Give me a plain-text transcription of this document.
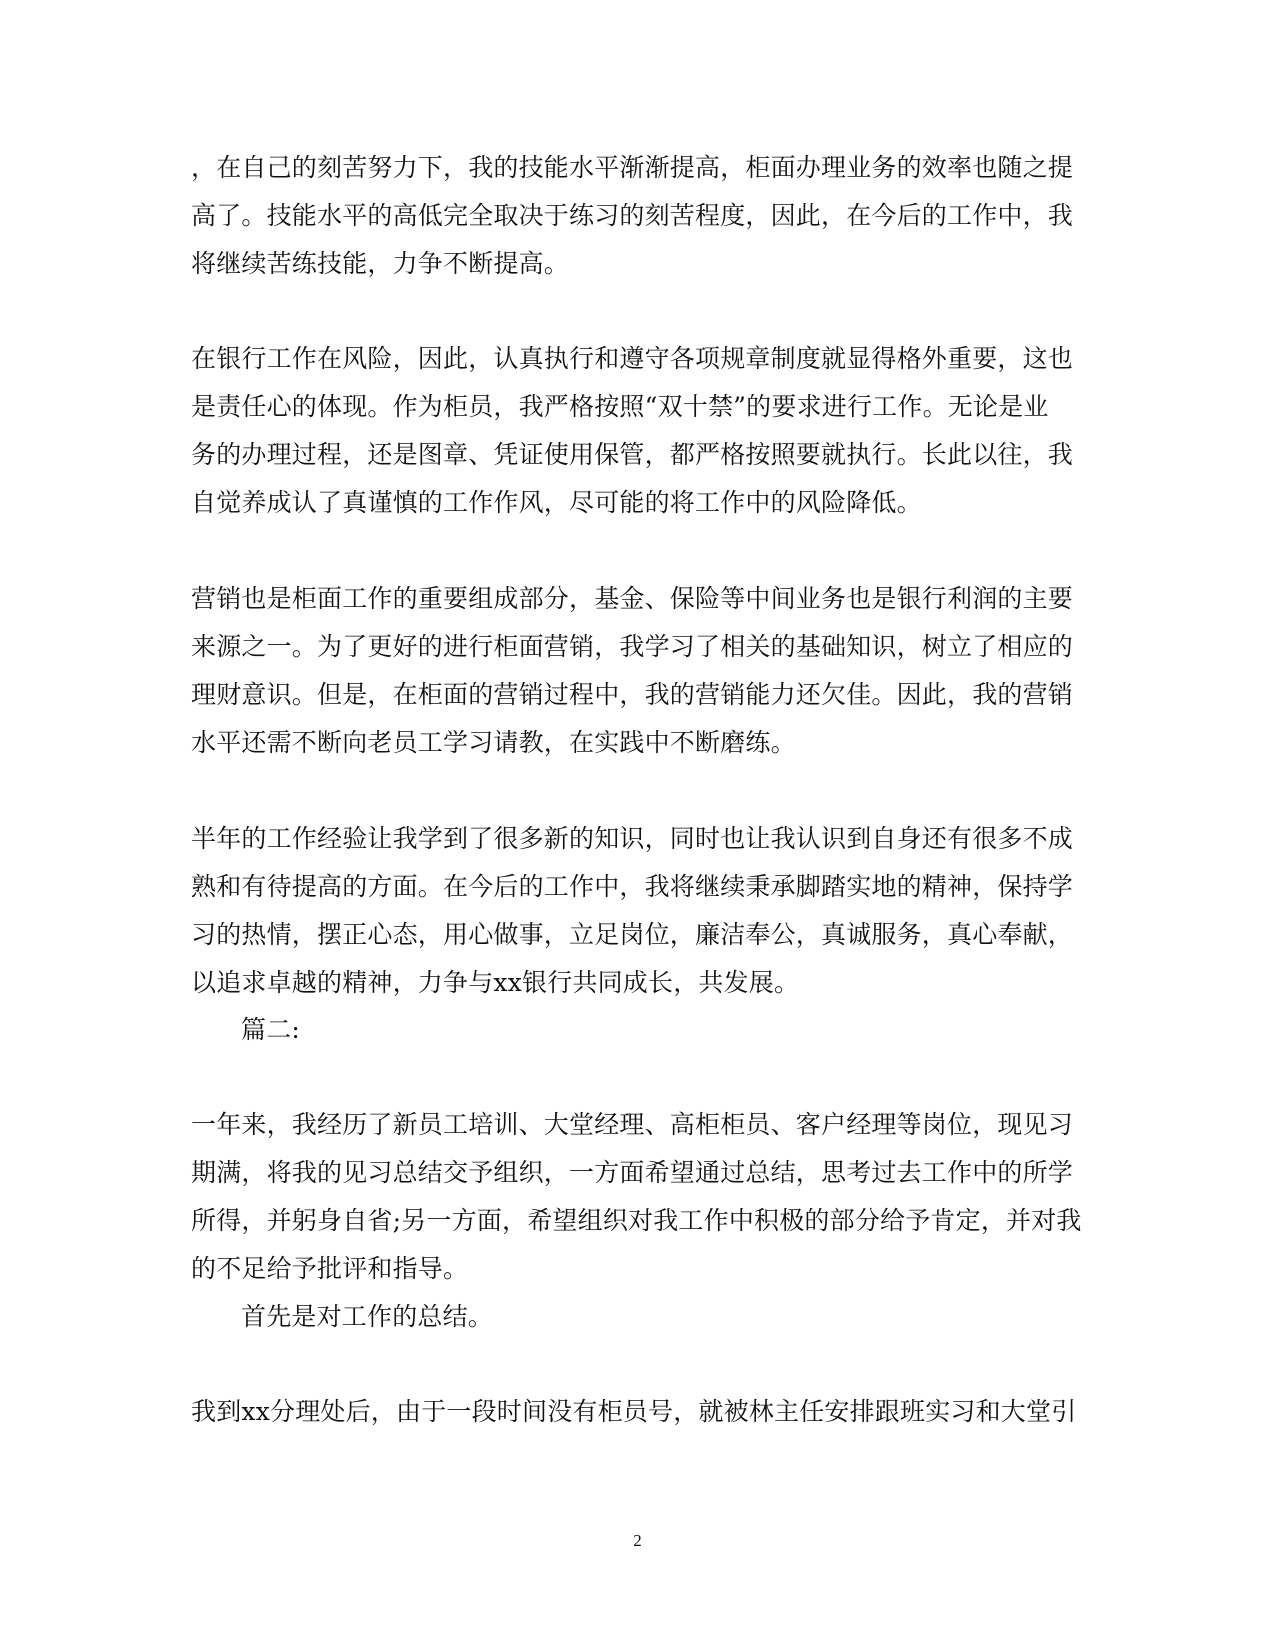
，在自己的刻苦努力下，我的技能水平渐渐提高，柜面办理业务的效率也随之提
高了。技能水平的高低完全取决于练习的刻苦程度，因此，在今后的工作中，我
将继续苦练技能，力争不断提高。
在银行工作在风险，因此，认真执行和遵守各项规章制度就显得格外重要，这也
是责任心的体现。作为柜员，我严格按照“双十禁”的要求进行工作。无论是业
务的办理过程，还是图章、凭证使用保管，都严格按照要就执行。长此以往，我
自觉养成认了真谨慎的工作作风，尽可能的将工作中的风险降低。
营销也是柜面工作的重要组成部分，基金、保险等中间业务也是银行利润的主要
来源之一。为了更好的进行柜面营销，我学习了相关的基础知识，树立了相应的
理财意识。但是，在柜面的营销过程中，我的营销能力还欠佳。因此，我的营销
水平还需不断向老员工学习请教，在实践中不断磨练。
半年的工作经验让我学到了很多新的知识，同时也让我认识到自身还有很多不成
熟和有待提高的方面。在今后的工作中，我将继续秉承脚踏实地的精神，保持学
习的热情，摆正心态，用心做事，立足岗位，廉洁奉公，真诚服务，真心奉献，
以追求卓越的精神，力争与xx银行共同成长，共发展。
篇二:
一年来，我经历了新员工培训、大堂经理、高柜柜员、客户经理等岗位，现见习
期满，将我的见习总结交予组织，一方面希望通过总结，思考过去工作中的所学
所得，并躬身自省;另一方面，希望组织对我工作中积极的部分给予肯定，并对我
的不足给予批评和指导。
首先是对工作的总结。
我到xx分理处后，由于一段时间没有柜员号，就被林主任安排跟班实习和大堂引
2
